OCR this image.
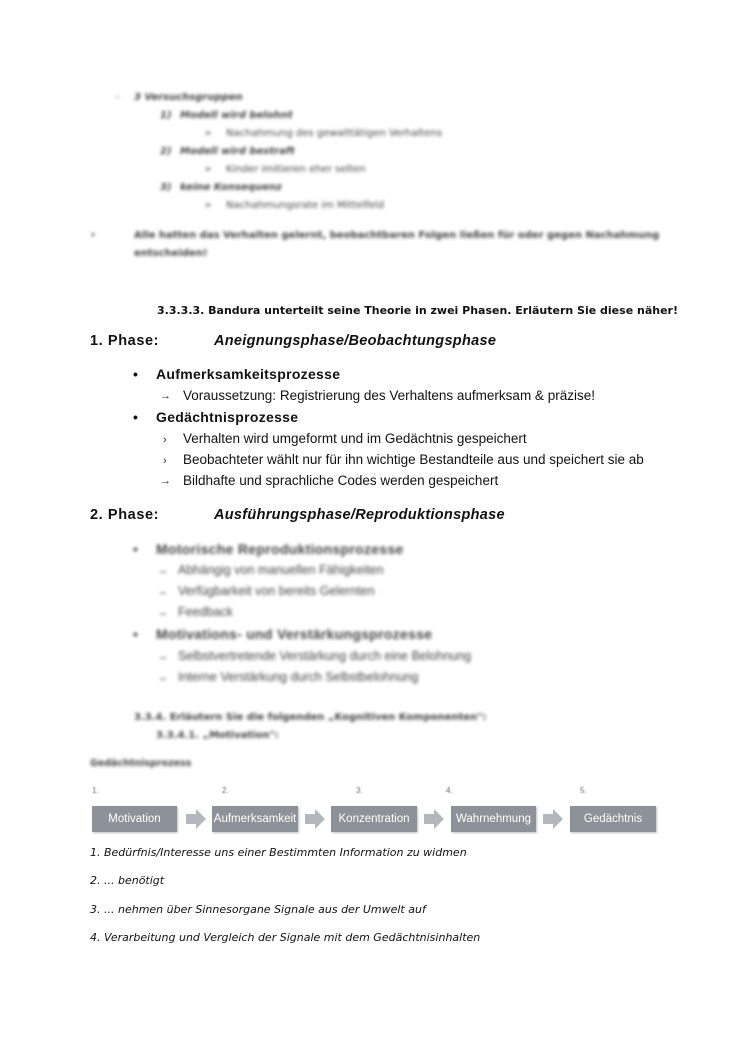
- 3 Versuchsgruppen
1) Modell wird belohnt
➢ Nachahmung des gewalttätigen Verhaltens
2) Modell wird bestraft
➢ Kinder imitieren eher selten
3) keine Konsequenz
➢ Nachahmungsrate im Mittelfeld
•	Alle hatten das Verhalten gelernt, beobachtbaren Folgen ließen für oder gegen Nachahmung
entscheiden!
3.3.3.3. Bandura unterteilt seine Theorie in zwei Phasen. Erläutern Sie diese näher!
1. Phase:	Aneignungsphase/Beobachtungsphase
• Aufmerksamkeitsprozesse
→ Voraussetzung: Registrierung des Verhaltens aufmerksam & präzise!
• Gedächtnisprozesse
› Verhalten wird umgeformt und im Gedächtnis gespeichert
› Beobachteter wählt nur für ihn wichtige Bestandteile aus und speichert sie ab
→ Bildhafte und sprachliche Codes werden gespeichert
2. Phase:	Ausführungsphase/Reproduktionsphase
• Motorische Reproduktionsprozesse
– Abhängig von manuellen Fähigkeiten
– Verfügbarkeit von bereits Gelernten
– Feedback
• Motivations- und Verstärkungsprozesse
– Selbstvertretende Verstärkung durch eine Belohnung
– Interne Verstärkung durch Selbstbelohnung
3.3.4. Erläutern Sie die folgenden „Kognitiven Komponenten":
3.3.4.1. „Motivation":
Gedächtnisprozess
1.	2.	3.	4.	5.
Motivation	Aufmerksamkeit	Konzentration	Wahrnehmung	Gedächtnis
1. Bedürfnis/Interesse uns einer Bestimmten Information zu widmen
2. ... benötigt
3. ... nehmen über Sinnesorgane Signale aus der Umwelt auf
4. Verarbeitung und Vergleich der Signale mit dem Gedächtnisinhalten
